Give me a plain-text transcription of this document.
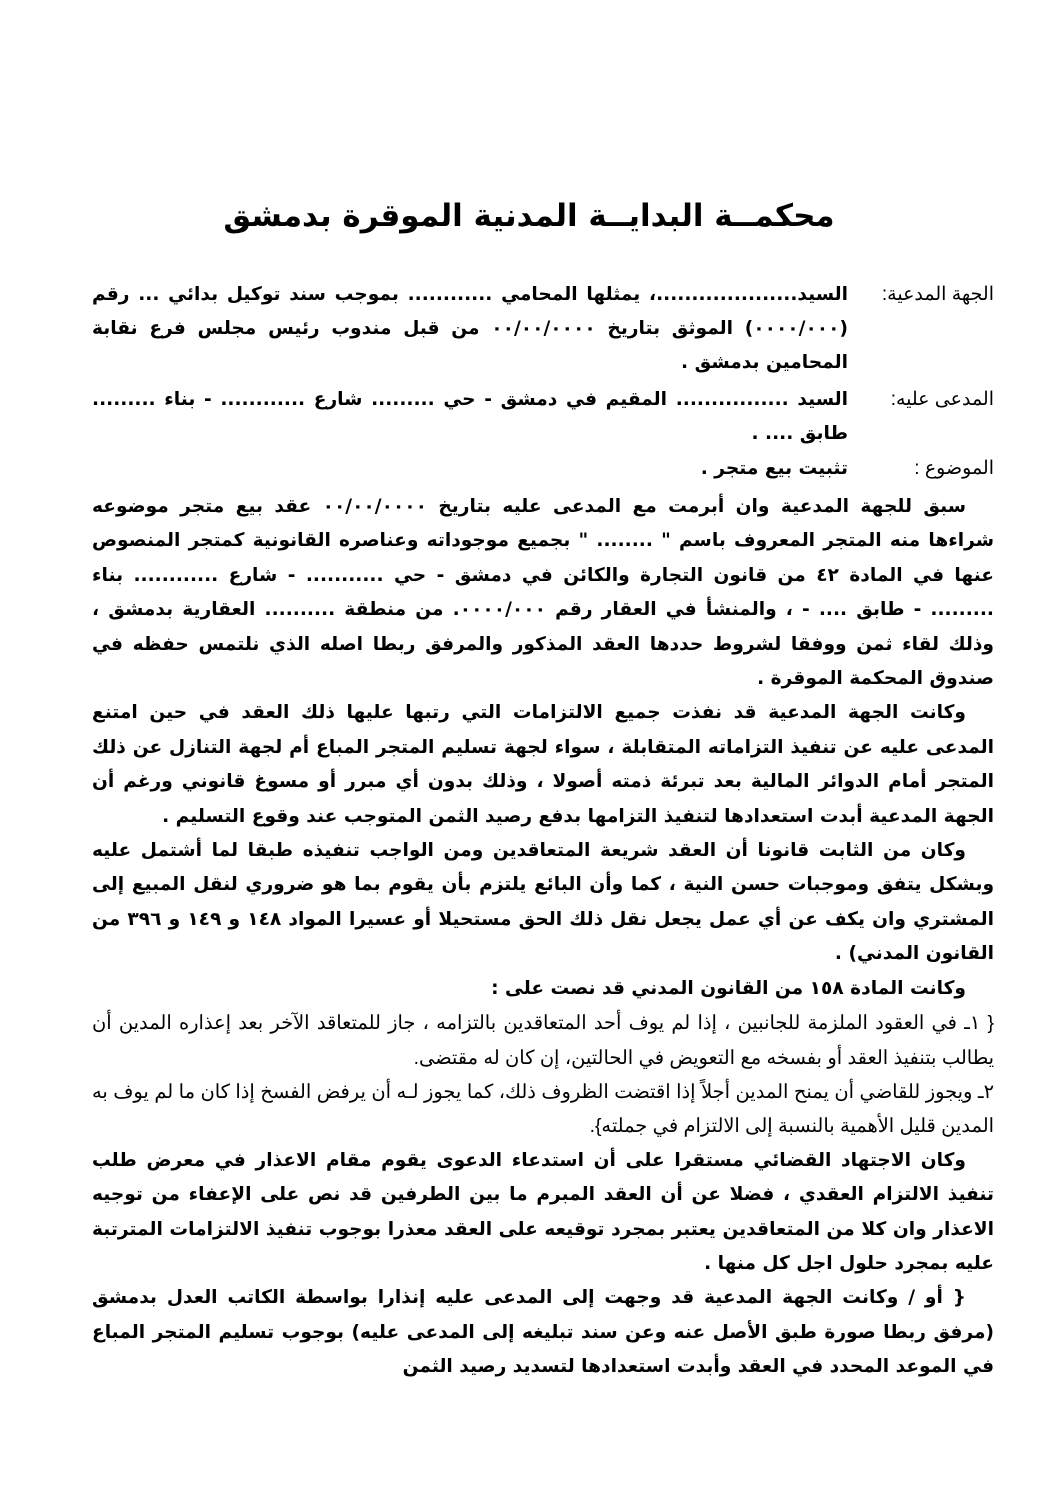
محكمــة البدايــة المدنية الموقرة بدمشق
الجهة المدعية:
السيد....................، يمثلها المحامي ............ بموجب سند توكيل بدائي ... رقم (٠٠٠٠/٠٠٠) الموثق بتاريخ ٠٠/٠٠/٠٠٠٠ من قبل مندوب رئيس مجلس فرع نقابة المحامين بدمشق .
المدعى عليه:
السيد ................ المقيم في دمشق - حي ......... شارع ............ - بناء ......... طابق .... .
الموضوع :
تثبيت بيع متجر .

سبق للجهة المدعية وان أبرمت مع المدعى عليه بتاريخ ٠٠/٠٠/٠٠٠٠ عقد بيع متجر موضوعه شراءها منه المتجر المعروف باسم " ........ " بجميع موجوداته وعناصره القانونية كمتجر المنصوص عنها في المادة ٤٢ من قانون التجارة والكائن في دمشق - حي ........... - شارع ............ بناء ......... - طابق .... - ، والمنشأ في العقار رقم ٠٠٠٠/٠٠٠. من منطقة .......... العقارية بدمشق ، وذلك لقاء ثمن ووفقا لشروط حددها العقد المذكور والمرفق ربطا اصله الذي نلتمس حفظه في صندوق المحكمة الموقرة .

وكانت الجهة المدعية قد نفذت جميع الالتزامات التي رتبها عليها ذلك العقد في حين امتنع المدعى عليه عن تنفيذ التزاماته المتقابلة ، سواء لجهة تسليم المتجر المباع أم لجهة التنازل عن ذلك المتجر أمام الدوائر المالية بعد تبرئة ذمته أصولا ، وذلك بدون أي مبرر أو مسوغ قانوني ورغم أن الجهة المدعية أبدت استعدادها لتنفيذ التزامها بدفع رصيد الثمن المتوجب عند وقوع التسليم .

وكان من الثابت قانونا أن العقد شريعة المتعاقدين ومن الواجب تنفيذه طبقا لما أشتمل عليه وبشكل يتفق وموجبات حسن النية ، كما وأن البائع يلتزم بأن يقوم بما هو ضروري لنقل المبيع إلى المشتري وان يكف عن أي عمل يجعل نقل ذلك الحق مستحيلا أو عسيرا المواد ١٤٨ و ١٤٩ و ٣٩٦ من القانون المدني) .

وكانت المادة ١٥٨ من القانون المدني قد نصت على :

{ ١ـ في العقود الملزمة للجانبين ، إذا لم يوف أحد المتعاقدين بالتزامه ، جاز للمتعاقد الآخر بعد إعذاره المدين أن يطالب بتنفيذ العقد أو بفسخه مع التعويض في الحالتين، إن كان له مقتضى.

٢ـ ويجوز للقاضي أن يمنح المدين أجلاً إذا اقتضت الظروف ذلك، كما يجوز لـه أن يرفض الفسخ إذا كان ما لم يوف به المدين قليل الأهمية بالنسبة إلى الالتزام في جملته}.

وكان الاجتهاد القضائي مستقرا على أن استدعاء الدعوى يقوم مقام الاعذار في معرض طلب تنفيذ الالتزام العقدي ، فضلا عن أن العقد المبرم ما بين الطرفين قد نص على الإعفاء من توجيه الاعذار وان كلا من المتعاقدين يعتبر بمجرد توقيعه على العقد معذرا بوجوب تنفيذ الالتزامات المترتبة عليه بمجرد حلول اجل كل منها .

{ أو / وكانت الجهة المدعية قد وجهت إلى المدعى عليه إنذارا بواسطة الكاتب العدل بدمشق (مرفق ربطا صورة طبق الأصل عنه وعن سند تبليغه إلى المدعى عليه) بوجوب تسليم المتجر المباع في الموعد المحدد في العقد وأبدت استعدادها لتسديد رصيد الثمن
